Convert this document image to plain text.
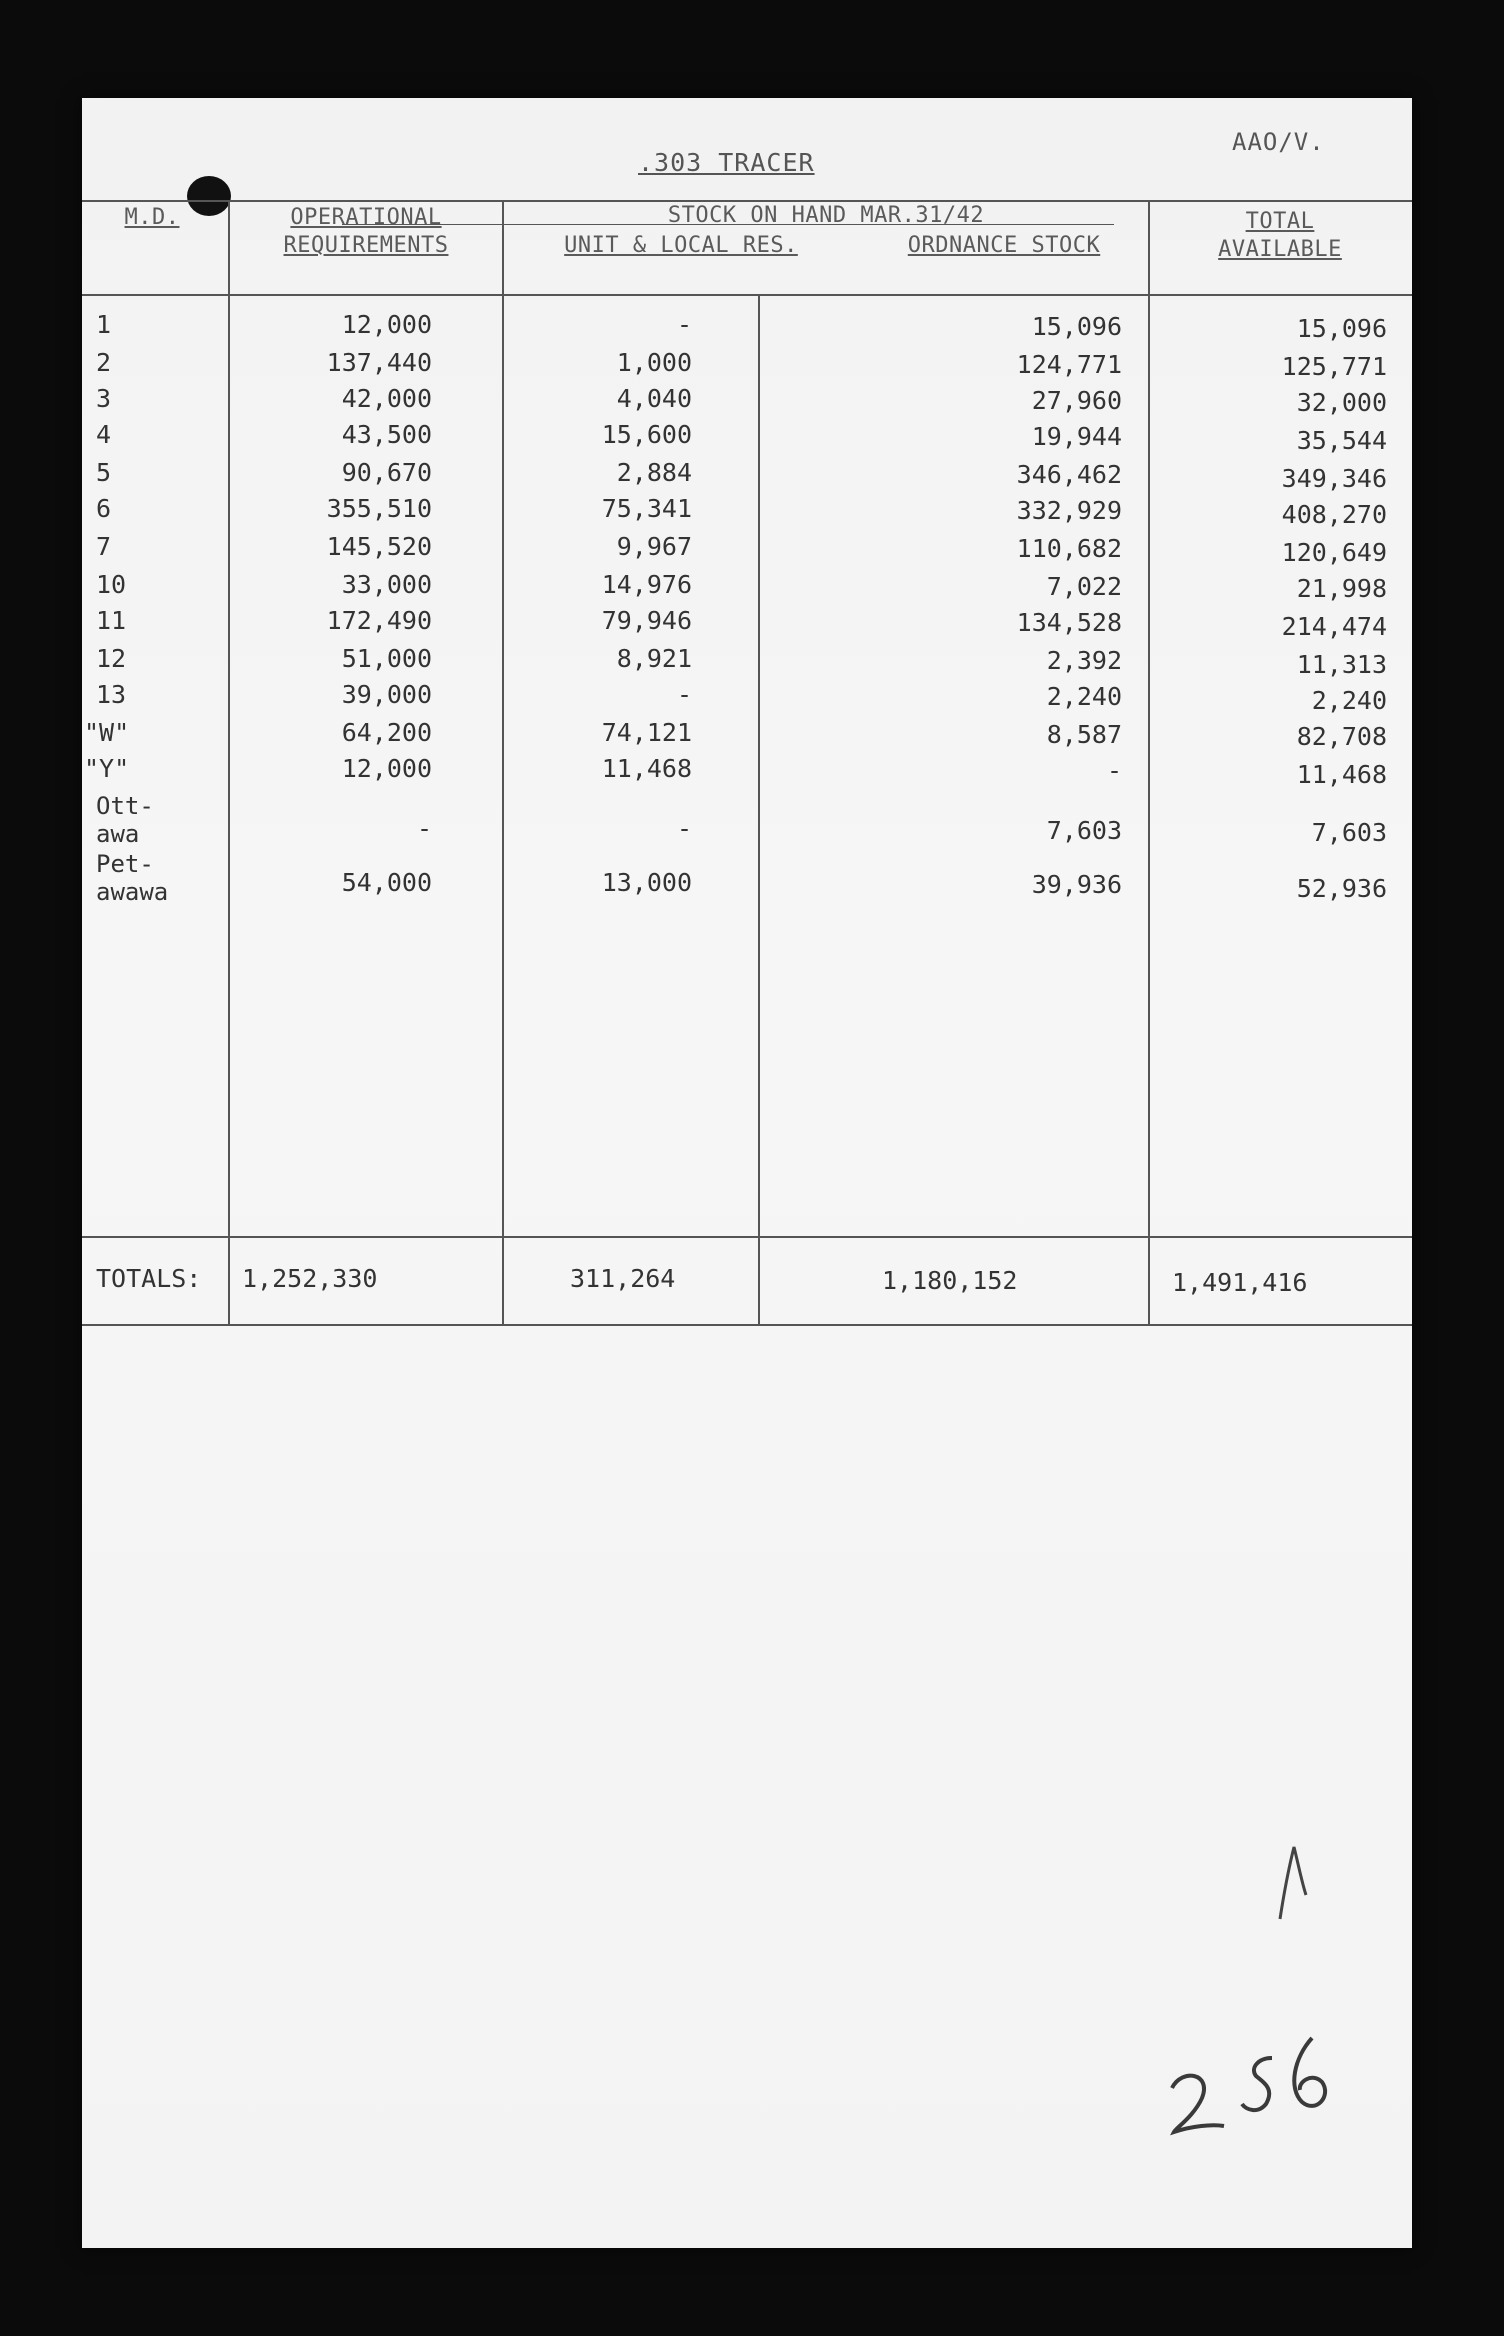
AAO/V.
.303 TRACER
M.D.	OPERATIONAL
REQUIREMENTS
STOCK ON HAND MAR.31/42
UNIT & LOCAL RES.	ORDNANCE STOCK
TOTAL
AVAILABLE
1	12,000	-	15,096	15,096
2	137,440	1,000	124,771	125,771
3	42,000	4,040	27,960	32,000
4	43,500	15,600	19,944	35,544
5	90,670	2,884	346,462	349,346
6	355,510	75,341	332,929	408,270
7	145,520	9,967	110,682	120,649
10	33,000	14,976	7,022	21,998
11	172,490	79,946	134,528	214,474
12	51,000	8,921	2,392	11,313
13	39,000	-	2,240	2,240
"W"	64,200	74,121	8,587	82,708
"Y"	12,000	11,468	-	11,468
Ott-
awa	-	-	7,603	7,603
Pet-
awawa	54,000	13,000	39,936	52,936
TOTALS:	1,252,330	311,264	1,180,152	1,491,416
